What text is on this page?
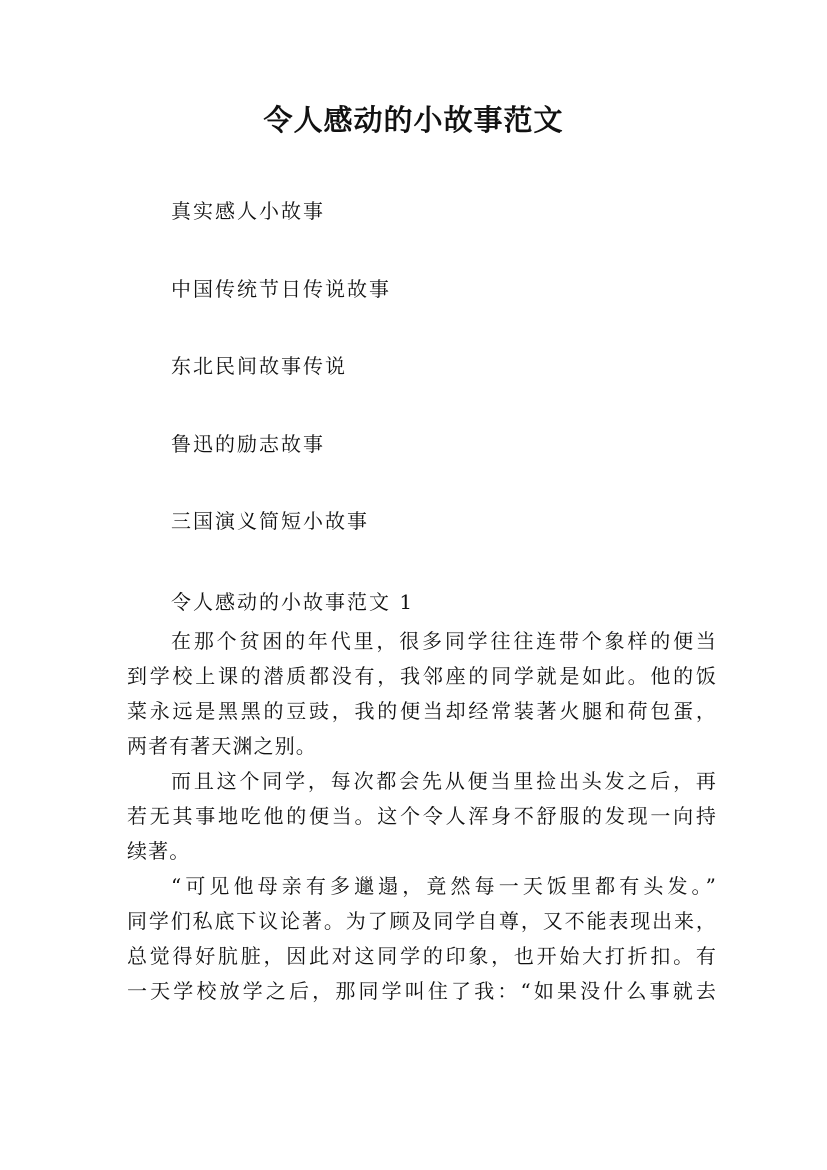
令人感动的小故事范文
真实感人小故事
中国传统节日传说故事
东北民间故事传说
鲁迅的励志故事
三国演义简短小故事
令人感动的小故事范文 1
在那个贫困的年代里，很多同学往往连带个象样的便当
到学校上课的潜质都没有，我邻座的同学就是如此。他的饭
菜永远是黑黑的豆豉，我的便当却经常装著火腿和荷包蛋，
两者有著天渊之别。
而且这个同学，每次都会先从便当里捡出头发之后，再
若无其事地吃他的便当。这个令人浑身不舒服的发现一向持
续著。
“可见他母亲有多邋遢，竟然每一天饭里都有头发。”
同学们私底下议论著。为了顾及同学自尊，又不能表现出来，
总觉得好肮脏，因此对这同学的印象，也开始大打折扣。有
一天学校放学之后，那同学叫住了我：“如果没什么事就去
